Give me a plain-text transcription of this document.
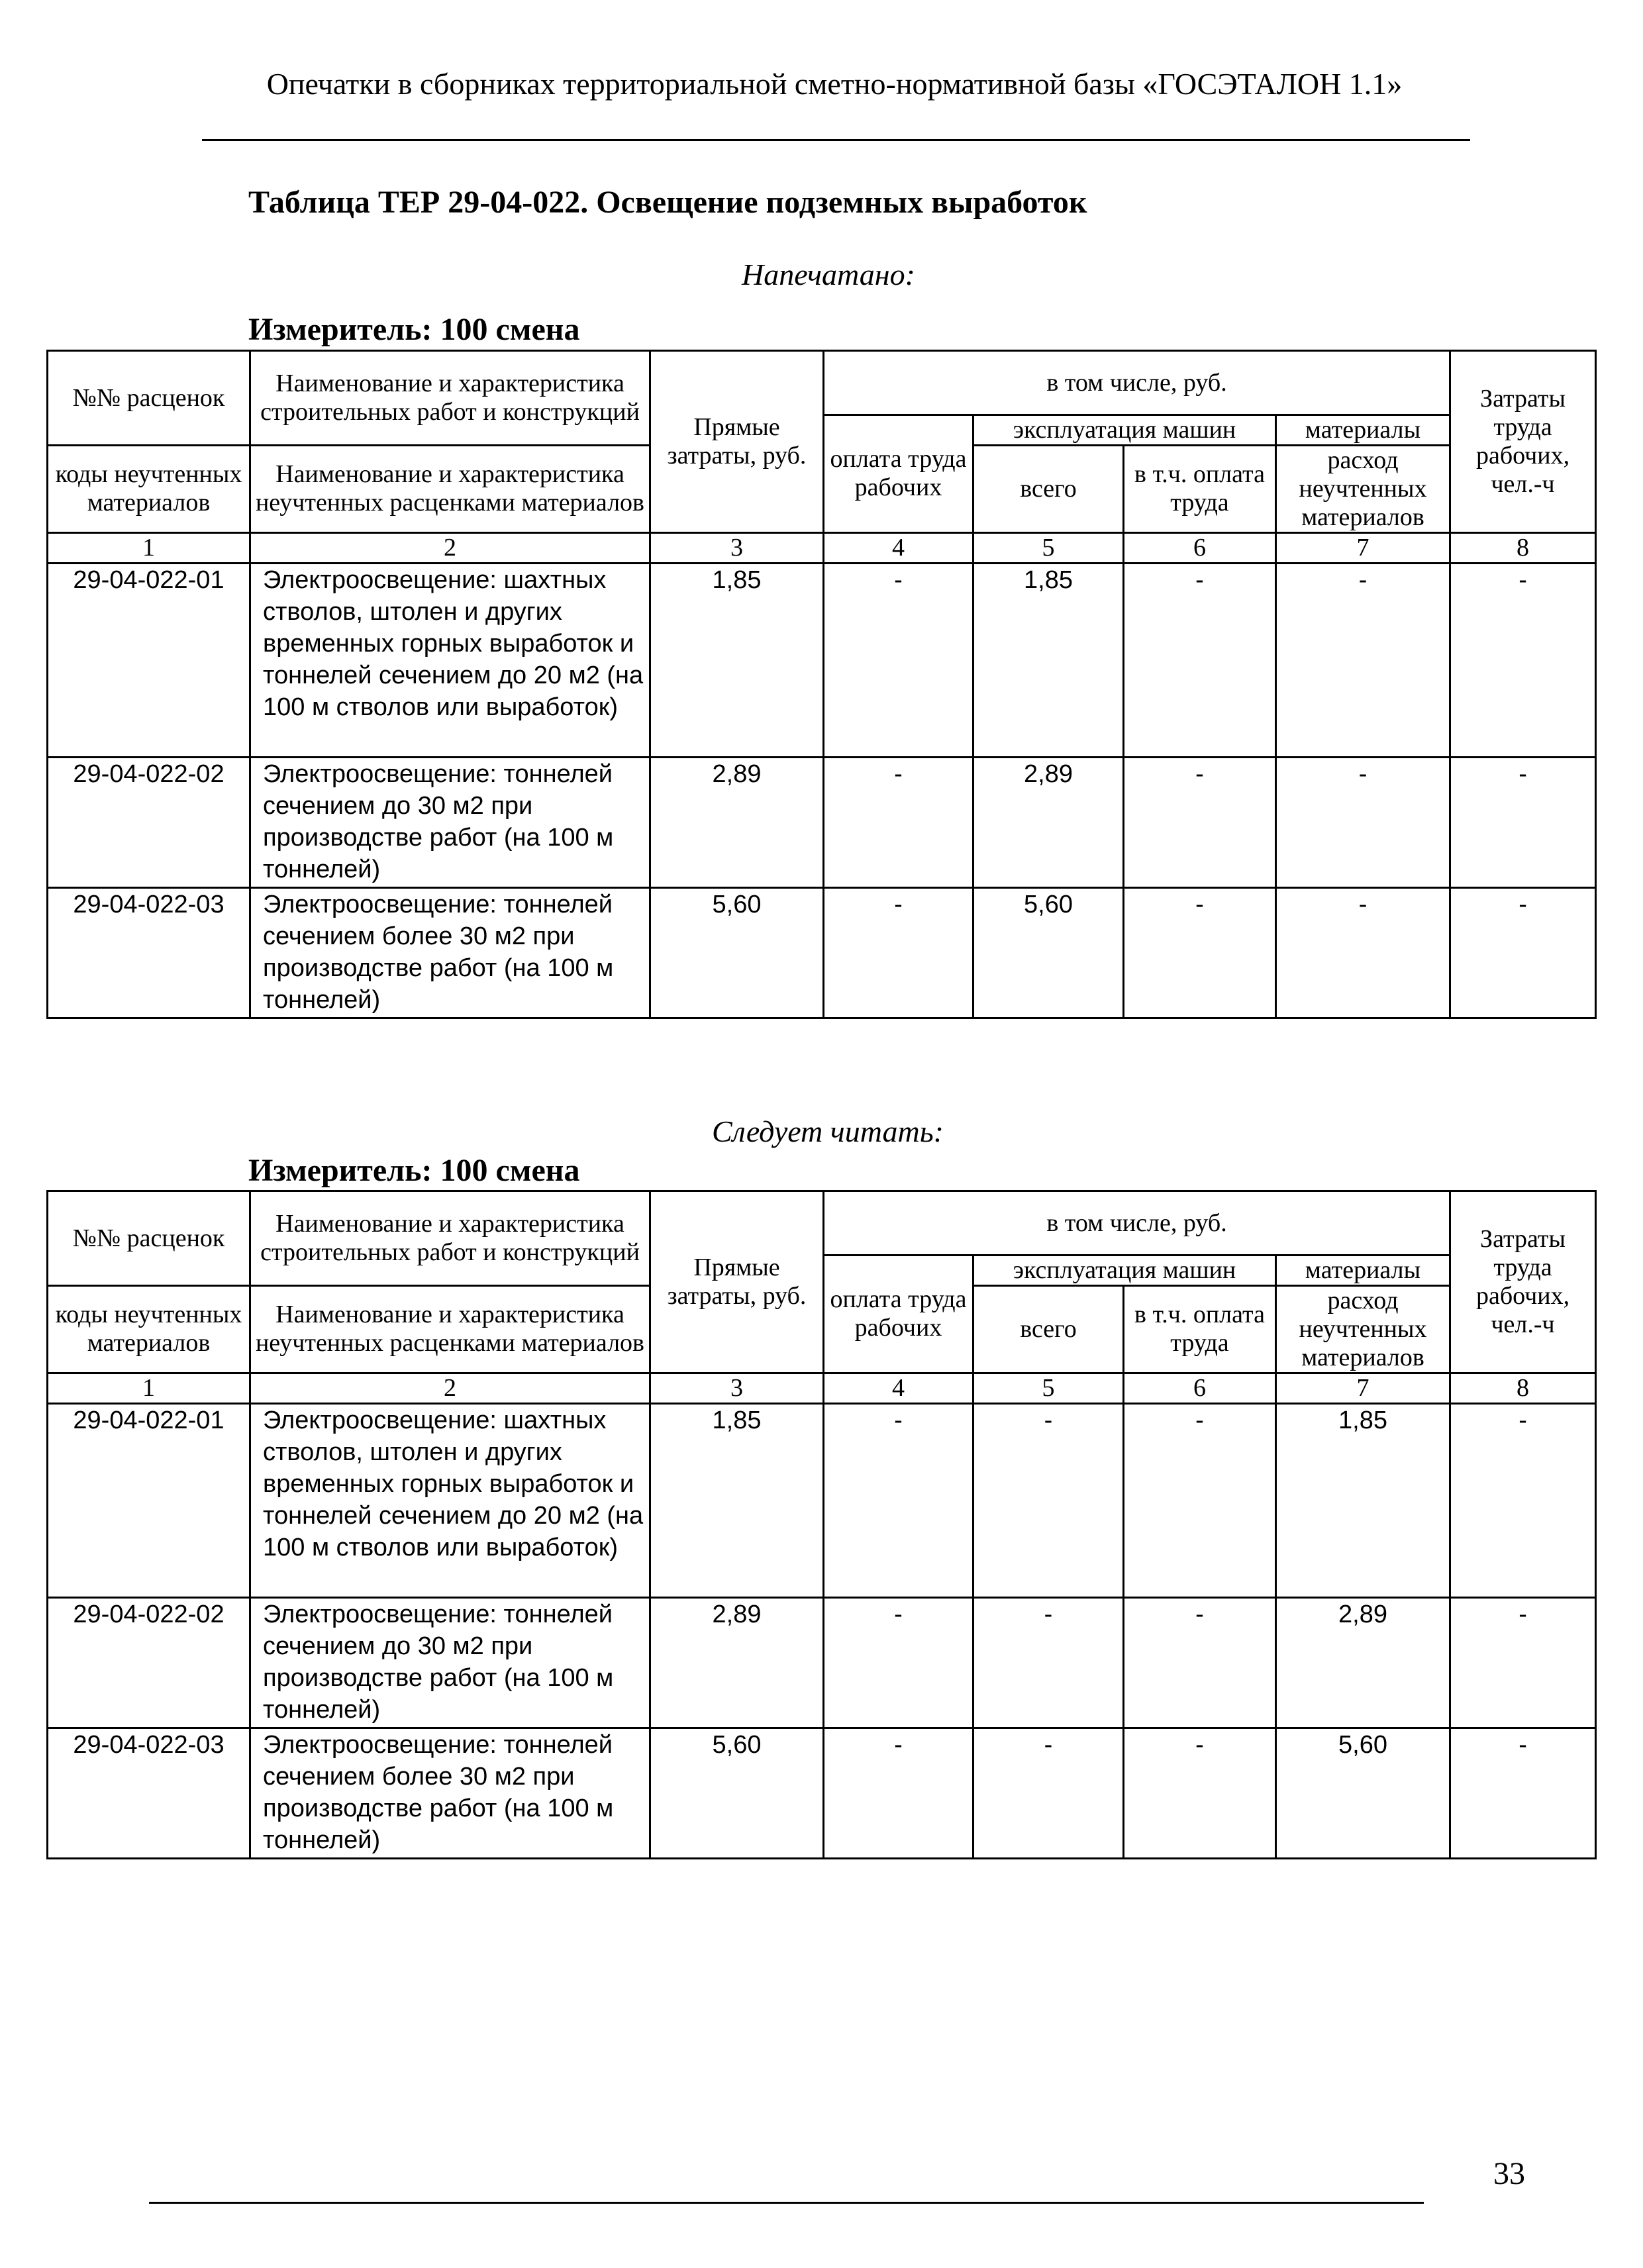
Опечатки в сборниках территориальной сметно-нормативной базы «ГОСЭТАЛОН 1.1»
Таблица ТЕР 29-04-022. Освещение подземных выработок
Напечатано:
Измеритель: 100 смена
№№ расценок	Наименование и характеристика строительных работ и конструкций	Прямые затраты, руб.	в том числе, руб.				Затраты труда рабочих, чел.-ч
			оплата труда рабочих	эксплуатация машин		материалы	
коды неучтенных материалов	Наименование и характеристика неучтенных расценками материалов			всего	в т.ч. оплата труда	расход неучтенных материалов	

1	2	3	4	5	6	7	8
29-04-022-01	Электроосвещение: шахтных стволов, штолен и других временных горных выработок и тоннелей сечением до 20 м2 (на 100 м стволов или выработок)	1,85	-	1,85	-	-	-
29-04-022-02	Электроосвещение: тоннелей сечением до 30 м2 при производстве работ (на 100 м тоннелей)	2,89	-	2,89	-	-	-
29-04-022-03	Электроосвещение: тоннелей сечением более 30 м2 при производстве работ (на 100 м тоннелей)	5,60	-	5,60	-	-	-
Следует читать:
Измеритель: 100 смена
№№ расценок	Наименование и характеристика строительных работ и конструкций	Прямые затраты, руб.	в том числе, руб.				Затраты труда рабочих, чел.-ч
			оплата труда рабочих	эксплуатация машин		материалы	
коды неучтенных материалов	Наименование и характеристика неучтенных расценками материалов			всего	в т.ч. оплата труда	расход неучтенных материалов	

1	2	3	4	5	6	7	8
29-04-022-01	Электроосвещение: шахтных стволов, штолен и других временных горных выработок и тоннелей сечением до 20 м2 (на 100 м стволов или выработок)	1,85	-	-	-	1,85	-
29-04-022-02	Электроосвещение: тоннелей сечением до 30 м2 при производстве работ (на 100 м тоннелей)	2,89	-	-	-	2,89	-
29-04-022-03	Электроосвещение: тоннелей сечением более 30 м2 при производстве работ (на 100 м тоннелей)	5,60	-	-	-	5,60	-
33
